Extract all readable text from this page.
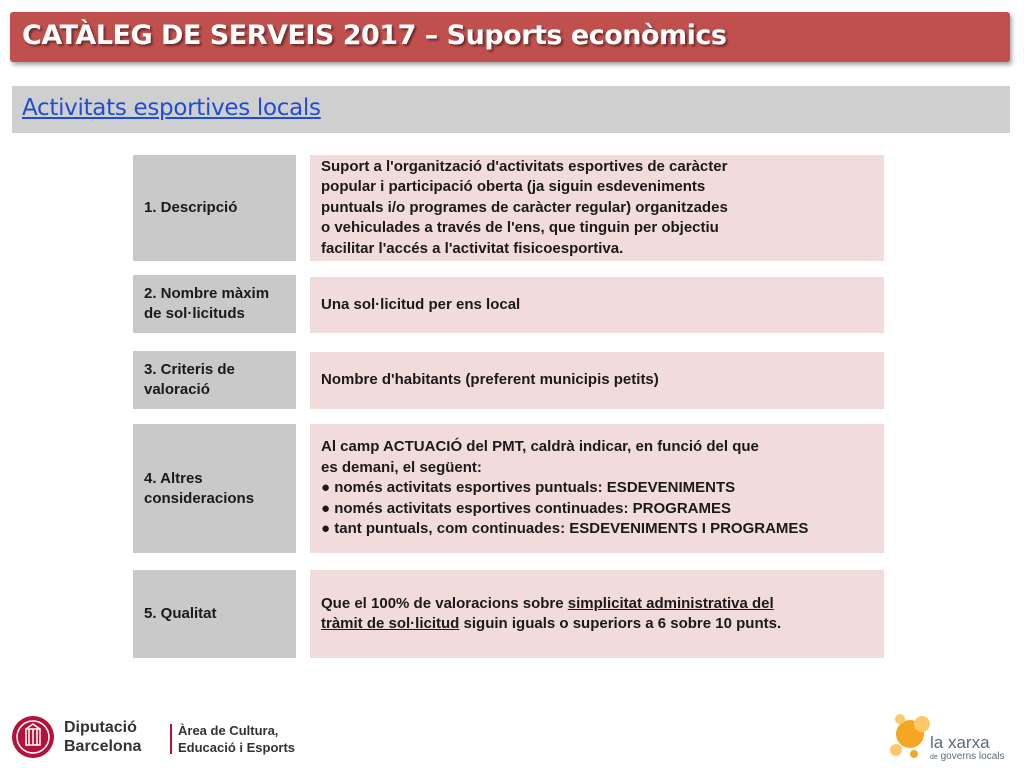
CATÀLEG DE SERVEIS 2017 – Suports econòmics
Activitats esportives locals
1. Descripció
Suport a l'organització d'activitats esportives de caràcter
popular i participació oberta (ja siguin esdeveniments
puntuals i/o programes de caràcter regular) organitzades
o vehiculades a través de l'ens, que tinguin per objectiu
facilitar l'accés a l'activitat fisicoesportiva.
2. Nombre màxim
de sol·licituds
Una sol·licitud per ens local
3. Criteris de
valoració
Nombre d'habitants (preferent municipis petits)
4. Altres
consideracions
Al camp ACTUACIÓ del PMT, caldrà indicar, en funció del que
es demani, el següent:
● només activitats esportives puntuals: ESDEVENIMENTS
● només activitats esportives continuades: PROGRAMES
● tant puntuals, com continuades: ESDEVENIMENTS I PROGRAMES
5. Qualitat
Que el 100% de valoracions sobre simplicitat administrativa del
tràmit de sol·licitud siguin iguals o superiors a 6 sobre 10 punts.
Diputació
Barcelona
Àrea de Cultura,
Educació i Esports	la xarxa
de governs locals
